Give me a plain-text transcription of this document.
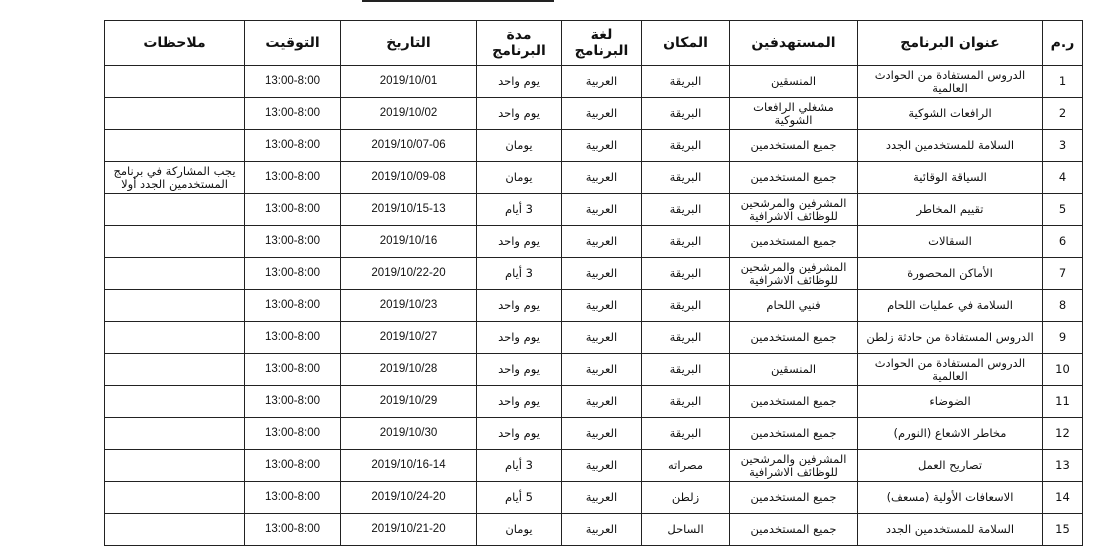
ر.م	عنوان البرنامج	المستهدفين	المكان	لغة البرنامج	مدة البرنامج	التاريخ	التوقيت	ملاحظات
1	الدروس المستفادة من الحوادث العالمية	المنسقين	البريقة	العربية	يوم واحد	2019/10/01	13:00-8:00	
2	الرافعات الشوكية	مشغلي الرافعات الشوكية	البريقة	العربية	يوم واحد	2019/10/02	13:00-8:00	
3	السلامة للمستخدمين الجدد	جميع المستخدمين	البريقة	العربية	يومان	2019/10/07-06	13:00-8:00	
4	السياقة الوقائية	جميع المستخدمين	البريقة	العربية	يومان	2019/10/09-08	13:00-8:00	يجب المشاركة في برنامج المستخدمين الجدد أولا
5	تقييم المخاطر	المشرفين والمرشحين للوظائف الاشرافية	البريقة	العربية	3 أيام	2019/10/15-13	13:00-8:00	
6	السقالات	جميع المستخدمين	البريقة	العربية	يوم واحد	2019/10/16	13:00-8:00	
7	الأماكن المحصورة	المشرفين والمرشحين للوظائف الاشرافية	البريقة	العربية	3 أيام	2019/10/22-20	13:00-8:00	
8	السلامة في عمليات اللحام	فنيي اللحام	البريقة	العربية	يوم واحد	2019/10/23	13:00-8:00	
9	الدروس المستفادة من حادثة زلطن	جميع المستخدمين	البريقة	العربية	يوم واحد	2019/10/27	13:00-8:00	
10	الدروس المستفادة من الحوادث العالمية	المنسقين	البريقة	العربية	يوم واحد	2019/10/28	13:00-8:00	
11	الضوضاء	جميع المستخدمين	البريقة	العربية	يوم واحد	2019/10/29	13:00-8:00	
12	مخاطر الاشعاع (النورم)	جميع المستخدمين	البريقة	العربية	يوم واحد	2019/10/30	13:00-8:00	
13	تصاريح العمل	المشرفين والمرشحين للوظائف الاشرافية	مصراته	العربية	3 أيام	2019/10/16-14	13:00-8:00	
14	الاسعافات الأولية (مسعف)	جميع المستخدمين	زلطن	العربية	5 أيام	2019/10/24-20	13:00-8:00	
15	السلامة للمستخدمين الجدد	جميع المستخدمين	الساحل	العربية	يومان	2019/10/21-20	13:00-8:00	
